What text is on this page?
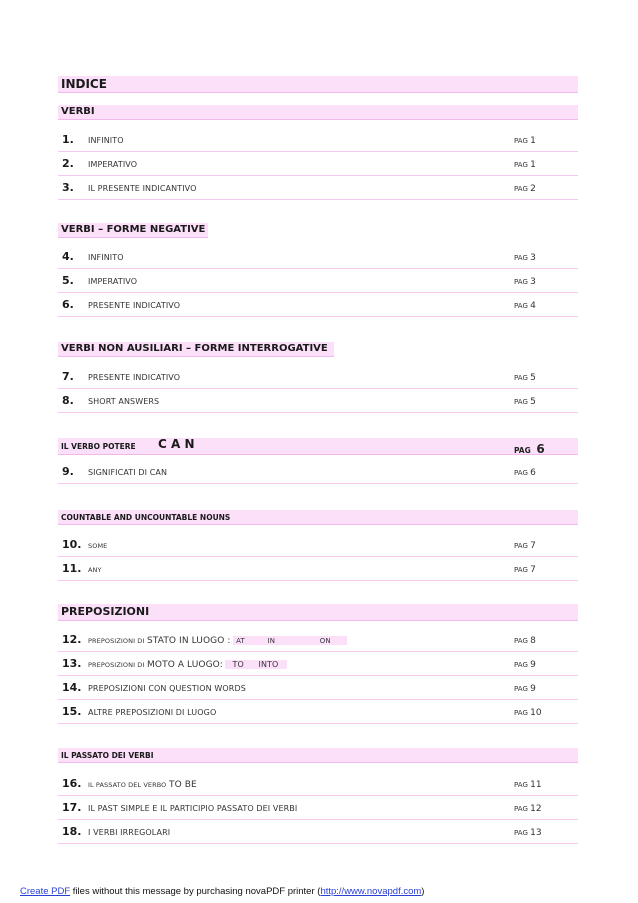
INDICE
VERBI
1. INFINITO	PAG 1
2. IMPERATIVO	PAG 1
3. IL PRESENTE INDICANTIVO	PAG 2
VERBI – FORME NEGATIVE
4. INFINITO	PAG 3
5. IMPERATIVO	PAG 3
6. PRESENTE INDICATIVO	PAG 4
VERBI NON AUSILIARI – FORME INTERROGATIVE
7. PRESENTE INDICATIVO	PAG 5
8. SHORT ANSWERS	PAG 5
IL VERBO POTERE C A N	PAG 6
9. SIGNIFICATI DI CAN	PAG 6
COUNTABLE AND UNCOUNTABLE NOUNS
10. SOME	PAG 7
11. ANY	PAG 7
PREPOSIZIONI
12. PREPOSIZIONI DI STATO IN LUOGO : AT	IN	ON	PAG 8
13. PREPOSIZIONI DI MOTO A LUOGO: TO INTO	PAG 9
14. PREPOSIZIONI CON QUESTION WORDS	PAG 9
15. ALTRE PREPOSIZIONI DI LUOGO	PAG 10
IL PASSATO DEI VERBI
16. IL PASSATO DEL VERBO TO BE	PAG 11
17. IL PAST SIMPLE E IL PARTICIPIO PASSATO DEI VERBI	PAG 12
18. I VERBI IRREGOLARI	PAG 13
Create PDF files without this message by purchasing novaPDF printer (http://www.novapdf.com)
